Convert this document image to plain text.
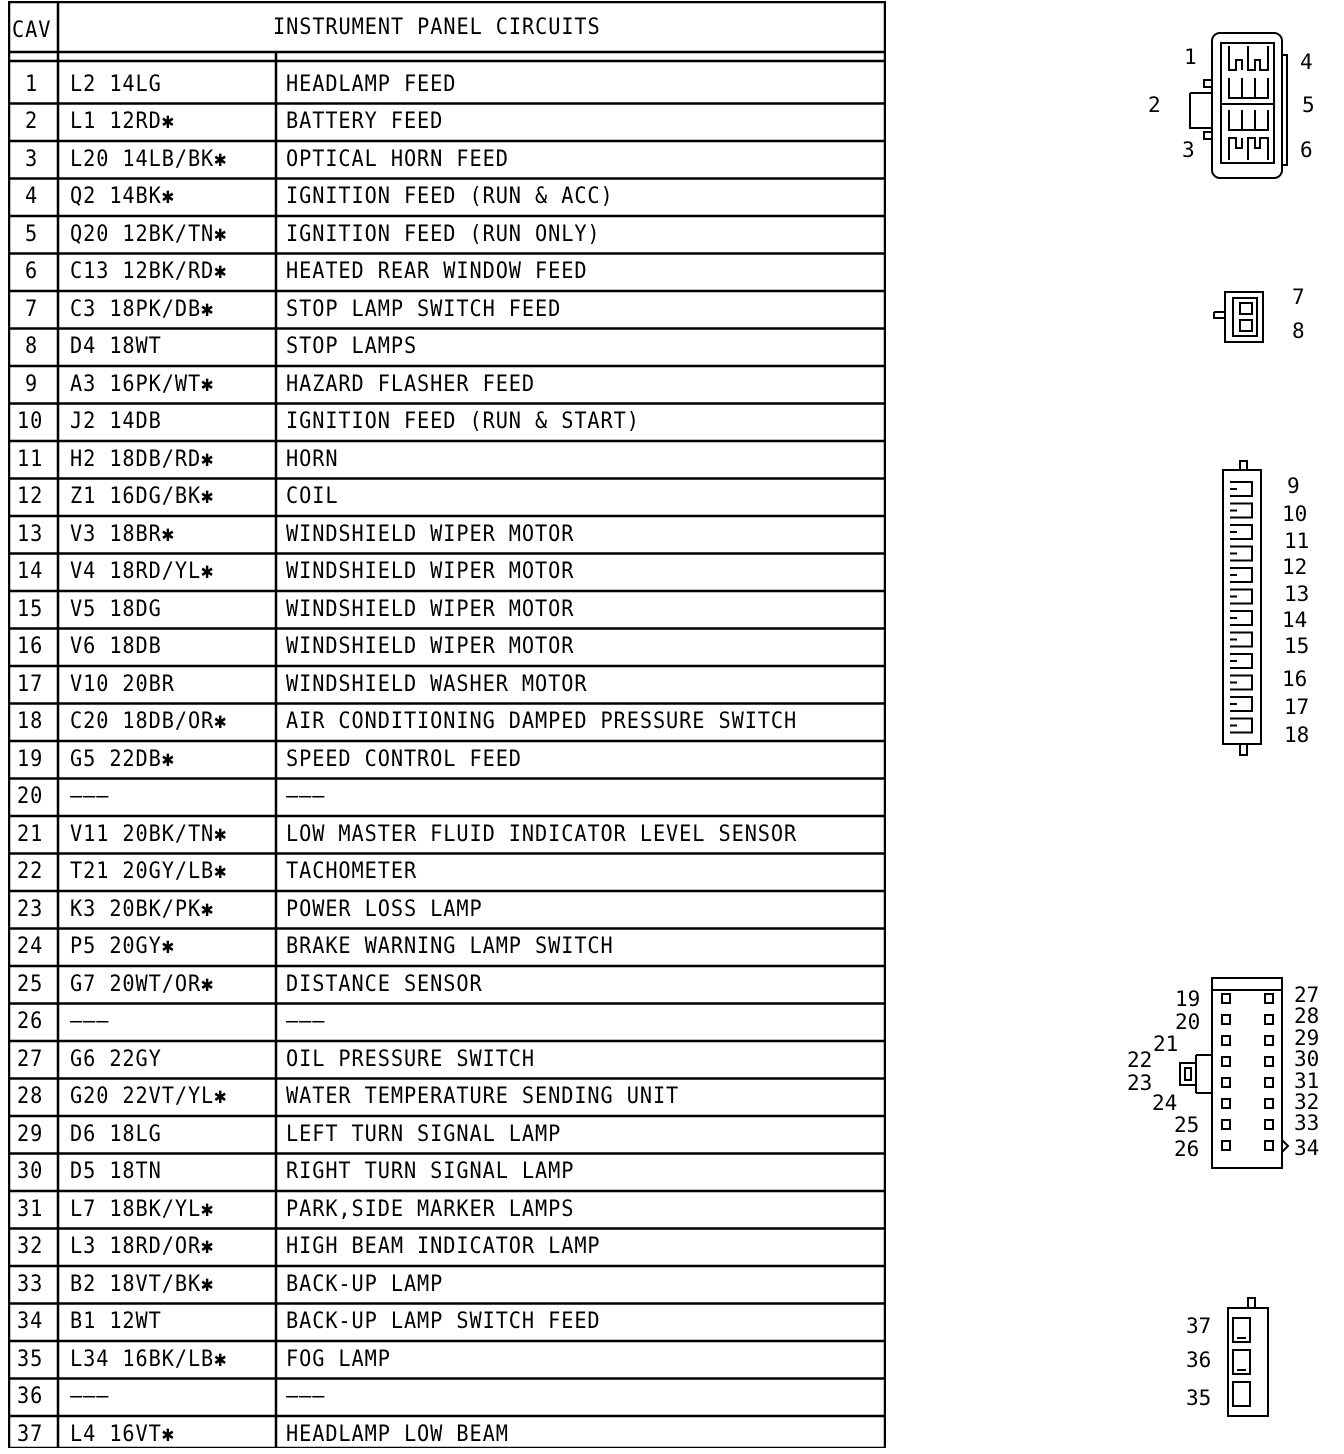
CAV	INSTRUMENT PANEL CIRCUITS
1 L2 14LG	HEADLAMP FEED
2 L1 12RD✱	BATTERY FEED
3 L20 14LB/BK✱	OPTICAL HORN FEED
4 Q2 14BK✱	IGNITION FEED (RUN & ACC)
5 Q20 12BK/TN✱	IGNITION FEED (RUN ONLY)
6 C13 12BK/RD✱	HEATED REAR WINDOW FEED
7 C3 18PK/DB✱	STOP LAMP SWITCH FEED
8 D4 18WT	STOP LAMPS
9 A3 16PK/WT✱	HAZARD FLASHER FEED
10 J2 14DB	IGNITION FEED (RUN & START)
11 H2 18DB/RD✱	HORN
12 Z1 16DG/BK✱	COIL
13 V3 18BR✱	WINDSHIELD WIPER MOTOR
14 V4 18RD/YL✱	WINDSHIELD WIPER MOTOR
15 V5 18DG	WINDSHIELD WIPER MOTOR
16 V6 18DB	WINDSHIELD WIPER MOTOR
17 V10 20BR	WINDSHIELD WASHER MOTOR
18 C20 18DB/OR✱	AIR CONDITIONING DAMPED PRESSURE SWITCH
19 G5 22DB✱	SPEED CONTROL FEED
20 ———	———
21 V11 20BK/TN✱	LOW MASTER FLUID INDICATOR LEVEL SENSOR
22 T21 20GY/LB✱	TACHOMETER
23 K3 20BK/PK✱	POWER LOSS LAMP
24 P5 20GY✱	BRAKE WARNING LAMP SWITCH
25 G7 20WT/OR✱	DISTANCE SENSOR
26 ———	———
27 G6 22GY	OIL PRESSURE SWITCH
28 G20 22VT/YL✱	WATER TEMPERATURE SENDING UNIT
29 D6 18LG	LEFT TURN SIGNAL LAMP
30 D5 18TN	RIGHT TURN SIGNAL LAMP
31 L7 18BK/YL✱	PARK,SIDE MARKER LAMPS
32 L3 18RD/OR✱	HIGH BEAM INDICATOR LAMP
33 B2 18VT/BK✱	BACK-UP LAMP
34 B1 12WT	BACK-UP LAMP SWITCH FEED
35 L34 16BK/LB✱	FOG LAMP
36 ———	———
37 L4 16VT✱	HEADLAMP LOW BEAM
1
2
3
4
5
6
7
8
9
10
11
12
13
14
15
16
17
18
19
20
21
22
23
24
25
26
27
28
29
30
31
32
33
34
37
36
35
